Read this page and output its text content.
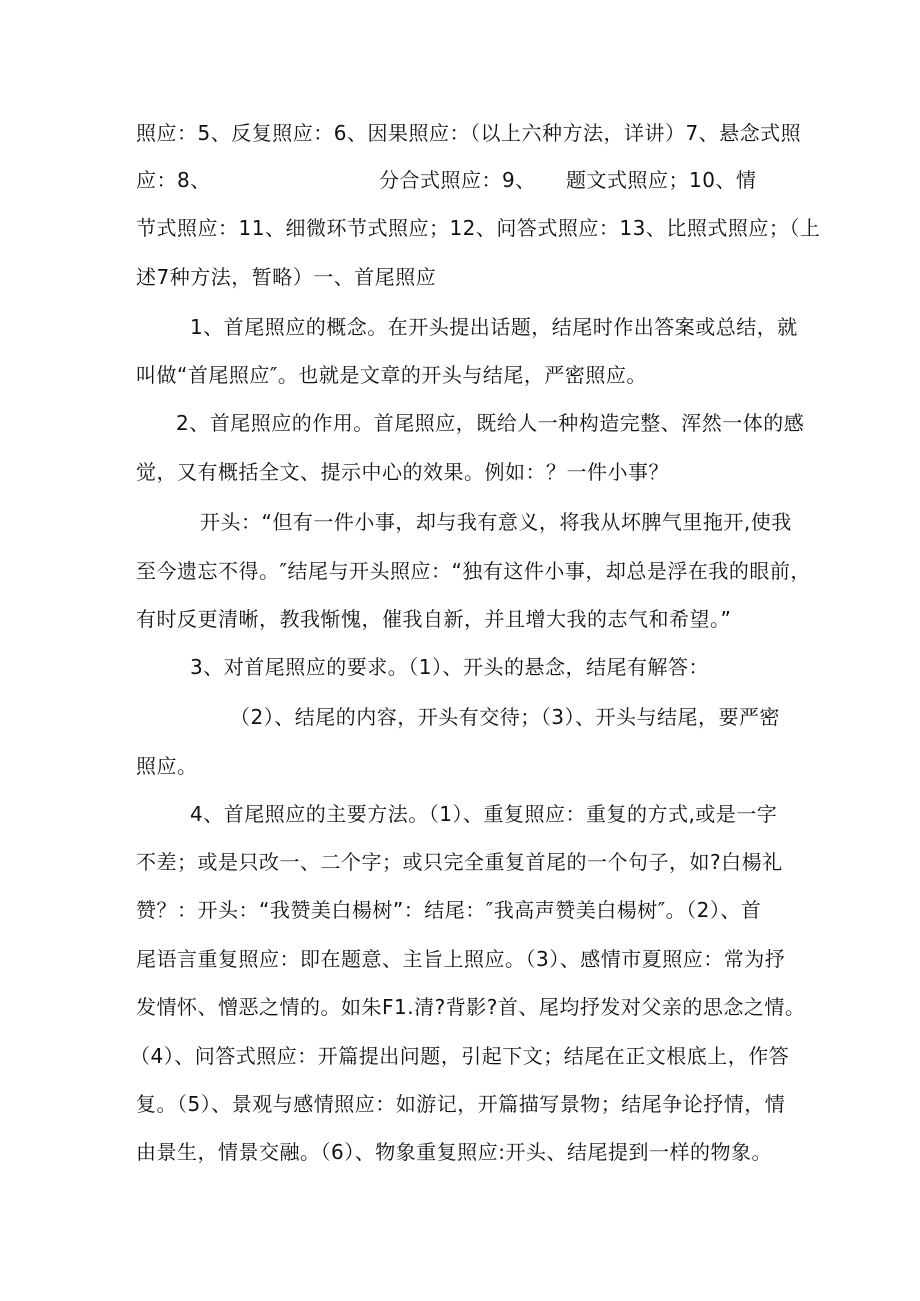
照应：5、反复照应：6、因果照应：（以上六种方法，详讲）7、悬念式照
应：8、	分合式照应：9、 题文式照应；10、情
节式照应：11、细微环节式照应；12、问答式照应：13、比照式照应；（上
述7种方法，暂略）一、首尾照应
1、首尾照应的概念。在开头提出话题，结尾时作出答案或总结，就
叫做“首尾照应″。也就是文章的开头与结尾，严密照应。
2、首尾照应的作用。首尾照应，既给人一种构造完整、浑然一体的感
觉，又有概括全文、提示中心的效果。例如：？一件小事？
开头：“但有一件小事，却与我有意义，将我从坏脾气里拖开,使我
至今遗忘不得。″结尾与开头照应：“独有这件小事，却总是浮在我的眼前，
有时反更清晰，教我惭愧，催我自新，并且增大我的志气和希望。”
3、对首尾照应的要求。（1）、开头的悬念，结尾有解答：
（2）、结尾的内容，开头有交待；（3）、开头与结尾，要严密
照应。
4、首尾照应的主要方法。（1）、重复照应：重复的方式,或是一字
不差；或是只改一、二个字；或只完全重复首尾的一个句子，如?白楊礼
赞？：开头：“我赞美白楊树”：结尾：″我高声赞美白楊树″。（2）、首
尾语言重复照应：即在题意、主旨上照应。（3）、感情市夏照应：常为抒
发情怀、憎恶之情的。如朱F1.清?背影?首、尾均抒发对父亲的思念之情。
（4）、问答式照应：开篇提出问题，引起下文；结尾在正文根底上，作答
复。（5）、景观与感情照应：如游记，开篇描写景物；结尾争论抒情，情
由景生，情景交融。（6）、物象重复照应:开头、结尾提到一样的物象。
